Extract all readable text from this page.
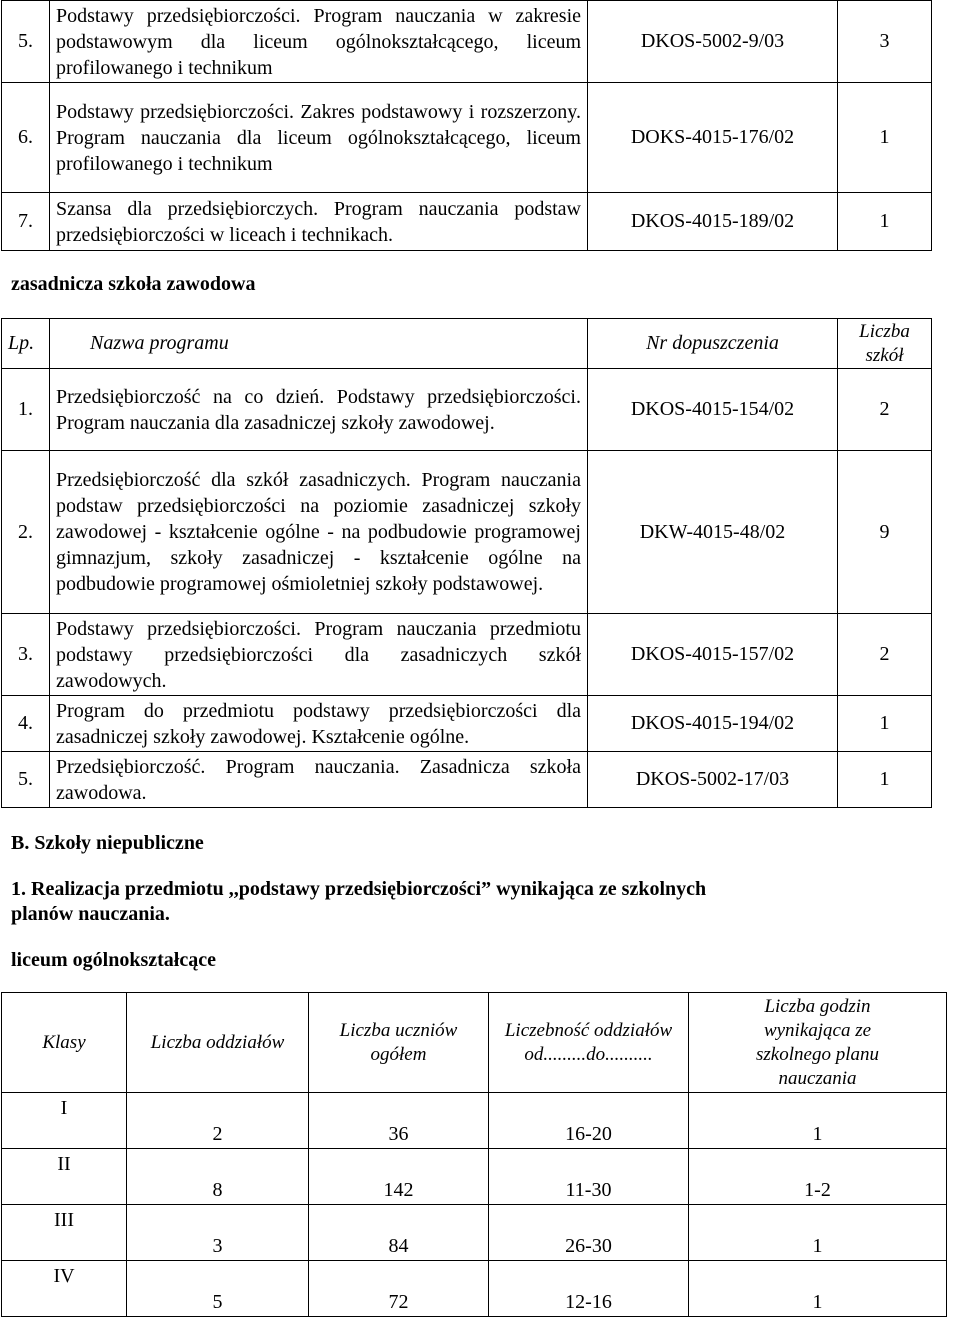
5.	Podstawy przedsiębiorczości. Program nauczania w zakresie podstawowym dla liceum ogólnokształcącego, liceum profilowanego i technikum	DKOS-5002-9/03	3
6.	Podstawy przedsiębiorczości. Zakres podstawowy i rozszerzony. Program nauczania dla liceum ogólnokształcącego, liceum profilowanego i technikum	DOKS-4015-176/02	1
7.	Szansa dla przedsiębiorczych. Program nauczania podstaw przedsiębiorczości w liceach i technikach.	DKOS-4015-189/02	1
zasadnicza szkoła zawodowa
Lp.	Nazwa programu	Nr dopuszczenia	Liczba szkół
1.	Przedsiębiorczość na co dzień. Podstawy przedsiębiorczości. Program nauczania dla zasadniczej szkoły zawodowej.	DKOS-4015-154/02	2
2.	Przedsiębiorczość dla szkół zasadniczych. Program nauczania podstaw przedsiębiorczości na poziomie zasadniczej szkoły zawodowej - kształcenie ogólne - na podbudowie programowej gimnazjum, szkoły zasadniczej - kształcenie ogólne na podbudowie programowej ośmioletniej szkoły podstawowej.	DKW-4015-48/02	9
3.	Podstawy przedsiębiorczości. Program nauczania przedmiotu podstawy przedsiębiorczości dla zasadniczych szkół zawodowych.	DKOS-4015-157/02	2
4.	Program do przedmiotu podstawy przedsiębiorczości dla zasadniczej szkoły zawodowej. Kształcenie ogólne.	DKOS-4015-194/02	1
5.	Przedsiębiorczość. Program nauczania. Zasadnicza szkoła zawodowa.	DKOS-5002-17/03	1
B. Szkoły niepubliczne
1. Realizacja przedmiotu ,,podstawy przedsiębiorczości” wynikająca ze szkolnych
planów nauczania.
liceum ogólnokształcące
Klasy	Liczba oddziałów	Liczba uczniów ogółem	Liczebność oddziałów od.........do..........	Liczba godzin wynikająca ze szkolnego planu nauczania
I	2	36	16-20	1
II	8	142	11-30	1-2
III	3	84	26-30	1
IV	5	72	12-16	1
